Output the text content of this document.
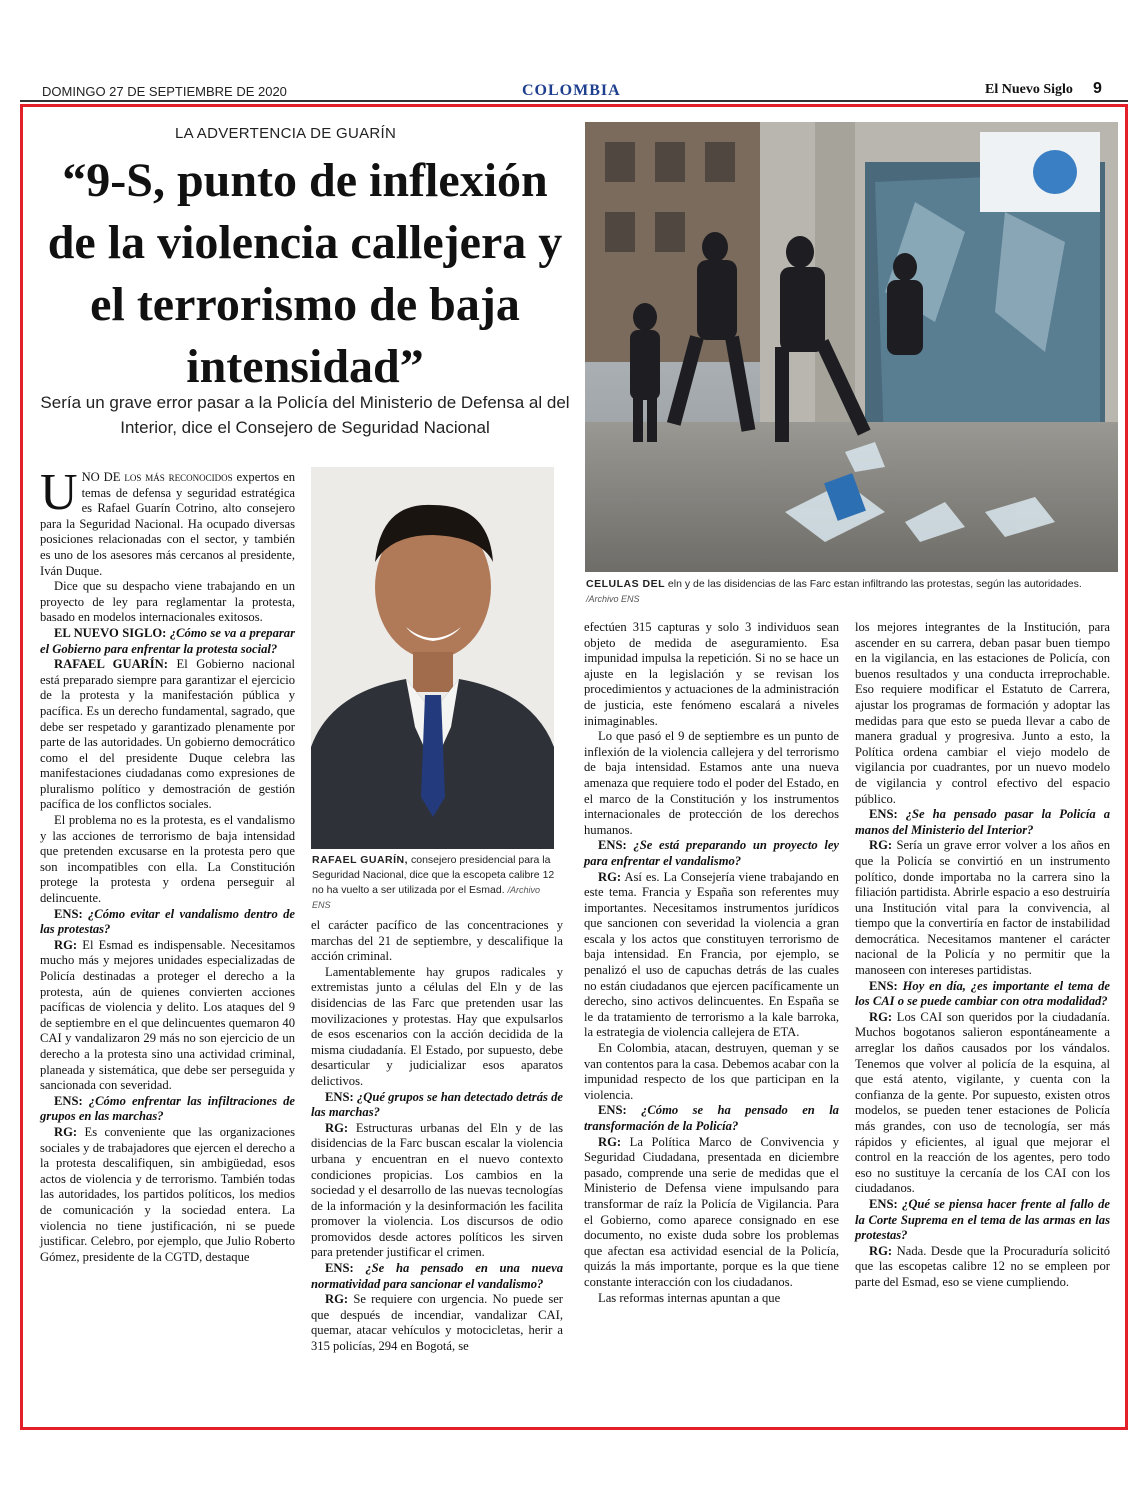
DOMINGO 27 DE SEPTIEMBRE DE 2020	COLOMBIA	El Nuevo Siglo 9
LA ADVERTENCIA DE GUARÍN
“9-S, punto de inflexión de la violencia callejera y el terrorismo de baja intensidad”
Sería un grave error pasar a la Policía del Ministerio de Defensa al del Interior, dice el Consejero de Seguridad Nacional
CELULAS DEL eln y de las disidencias de las Farc estan infiltrando las protestas, según las autoridades. /Archivo ENS
RAFAEL GUARÍN, consejero presidencial para la Seguridad Nacional, dice que la escopeta calibre 12 no ha vuelto a ser utilizada por el Esmad. /Archivo ENS

UNO DE los más reconocidos expertos en temas de defensa y seguridad estratégica es Rafael Guarín Cotrino, alto consejero para la Seguridad Nacional. Ha ocupado diversas posiciones relacionadas con el sector, y también es uno de los asesores más cercanos al presidente, Iván Duque.

Dice que su despacho viene trabajando en un proyecto de ley para reglamentar la protesta, basado en modelos internacionales exitosos.

EL NUEVO SIGLO: ¿Cómo se va a preparar el Gobierno para enfrentar la protesta social?

RAFAEL GUARÍN: El Gobierno nacional está preparado siempre para garantizar el ejercicio de la protesta y la manifestación pública y pacífica. Es un derecho fundamental, sagrado, que debe ser respetado y garantizado plenamente por parte de las autoridades. Un gobierno democrático como el del presidente Duque celebra las manifestaciones ciudadanas como expresiones de pluralismo político y demostración de gestión pacífica de los conflictos sociales.

El problema no es la protesta, es el vandalismo y las acciones de terrorismo de baja intensidad que pretenden excusarse en la protesta pero que son incompatibles con ella. La Constitución protege la protesta y ordena perseguir al delincuente.

ENS: ¿Cómo evitar el vandalismo dentro de las protestas?

RG: El Esmad es indispensable. Necesitamos mucho más y mejores unidades especializadas de Policía destinadas a proteger el derecho a la protesta, aún de quienes convierten acciones pacíficas de violencia y delito. Los ataques del 9 de septiembre en el que delincuentes quemaron 40 CAI y vandalizaron 29 más no son ejercicio de un derecho a la protesta sino una actividad criminal, planeada y sistemática, que debe ser perseguida y sancionada con severidad.

ENS: ¿Cómo enfrentar las infiltraciones de grupos en las marchas?

RG: Es conveniente que las organizaciones sociales y de trabajadores que ejercen el derecho a la protesta descalifiquen, sin ambigüedad, esos actos de violencia y de terrorismo. También todas las autoridades, los partidos políticos, los medios de comunicación y la sociedad entera. La violencia no tiene justificación, ni se puede justificar. Celebro, por ejemplo, que Julio Roberto Gómez, presidente de la CGTD, destaque

el carácter pacífico de las concentraciones y marchas del 21 de septiembre, y descalifique la acción criminal.

Lamentablemente hay grupos radicales y extremistas junto a células del Eln y de las disidencias de las Farc que pretenden usar las movilizaciones y protestas. Hay que expulsarlos de esos escenarios con la acción decidida de la misma ciudadanía. El Estado, por supuesto, debe desarticular y judicializar esos aparatos delictivos.

ENS: ¿Qué grupos se han detectado detrás de las marchas?

RG: Estructuras urbanas del Eln y de las disidencias de la Farc buscan escalar la violencia urbana y encuentran en el nuevo contexto condiciones propicias. Los cambios en la sociedad y el desarrollo de las nuevas tecnologías de la información y la desinformación les facilita promover la violencia. Los discursos de odio promovidos desde actores políticos les sirven para pretender justificar el crimen.

ENS: ¿Se ha pensado en una nueva normatividad para sancionar el vandalismo?

RG: Se requiere con urgencia. No puede ser que después de incendiar, vandalizar CAI, quemar, atacar vehículos y motocicletas, herir a 315 policías, 294 en Bogotá, se

efectúen 315 capturas y solo 3 individuos sean objeto de medida de aseguramiento. Esa impunidad impulsa la repetición. Si no se hace un ajuste en la legislación y se revisan los procedimientos y actuaciones de la administración de justicia, este fenómeno escalará a niveles inimaginables.

Lo que pasó el 9 de septiembre es un punto de inflexión de la violencia callejera y del terrorismo de baja intensidad. Estamos ante una nueva amenaza que requiere todo el poder del Estado, en el marco de la Constitución y los instrumentos internacionales de protección de los derechos humanos.

ENS: ¿Se está preparando un proyecto ley para enfrentar el vandalismo?

RG: Así es. La Consejería viene trabajando en este tema. Francia y España son referentes muy importantes. Necesitamos instrumentos jurídicos que sancionen con severidad la violencia a gran escala y los actos que constituyen terrorismo de baja intensidad. En Francia, por ejemplo, se penalizó el uso de capuchas detrás de las cuales no están ciudadanos que ejercen pacíficamente un derecho, sino activos delincuentes. En España se le da tratamiento de terrorismo a la kale barroka, la estrategia de violencia callejera de ETA.

En Colombia, atacan, destruyen, queman y se van contentos para la casa. Debemos acabar con la impunidad respecto de los que participan en la violencia.

ENS: ¿Cómo se ha pensado en la transformación de la Policía?

RG: La Política Marco de Convivencia y Seguridad Ciudadana, presentada en diciembre pasado, comprende una serie de medidas que el Ministerio de Defensa viene impulsando para transformar de raíz la Policía de Vigilancia. Para el Gobierno, como aparece consignado en ese documento, no existe duda sobre los problemas que afectan esa actividad esencial de la Policía, quizás la más importante, porque es la que tiene constante interacción con los ciudadanos.

Las reformas internas apuntan a que

los mejores integrantes de la Institución, para ascender en su carrera, deban pasar buen tiempo en la vigilancia, en las estaciones de Policía, con buenos resultados y una conducta irreprochable. Eso requiere modificar el Estatuto de Carrera, ajustar los programas de formación y adoptar las medidas para que esto se pueda llevar a cabo de manera gradual y progresiva. Junto a esto, la Política ordena cambiar el viejo modelo de vigilancia por cuadrantes, por un nuevo modelo de vigilancia y control efectivo del espacio público.

ENS: ¿Se ha pensado pasar la Policía a manos del Ministerio del Interior?

RG: Sería un grave error volver a los años en que la Policía se convirtió en un instrumento político, donde importaba no la carrera sino la filiación partidista. Abrirle espacio a eso destruiría una Institución vital para la convivencia, al tiempo que la convertiría en factor de instabilidad democrática. Necesitamos mantener el carácter nacional de la Policía y no permitir que la manoseen con intereses partidistas.

ENS: Hoy en día, ¿es importante el tema de los CAI o se puede cambiar con otra modalidad?

RG: Los CAI son queridos por la ciudadanía. Muchos bogotanos salieron espontáneamente a arreglar los daños causados por los vándalos. Tenemos que volver al policía de la esquina, al que está atento, vigilante, y cuenta con la confianza de la gente. Por supuesto, existen otros modelos, se pueden tener estaciones de Policía más grandes, con uso de tecnología, ser más rápidos y eficientes, al igual que mejorar el control en la reacción de los agentes, pero todo eso no sustituye la cercanía de los CAI con los ciudadanos.

ENS: ¿Qué se piensa hacer frente al fallo de la Corte Suprema en el tema de las armas en las protestas?

RG: Nada. Desde que la Procuraduría solicitó que las escopetas calibre 12 no se empleen por parte del Esmad, eso se viene cumpliendo.
